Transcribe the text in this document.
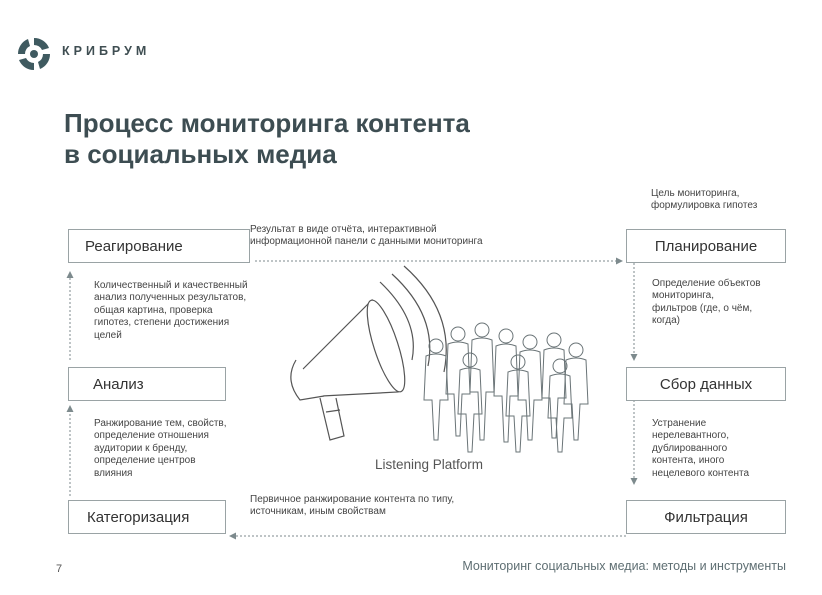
КРИБРУМ
Процесс мониторинга контента
в социальных медиа
Реагирование	Планирование
Анализ	Сбор данных
Категоризация	Фильтрация
Цель мониторинга,
формулировка гипотез
Результат в виде отчёта, интерактивной
информационной панели с данными мониторинга
Количественный и качественный
анализ полученных результатов,
общая картина, проверка
гипотез, степени достижения
целей
Определение объектов
мониторинга,
фильтров (где, о чём,
когда)
Ранжирование тем, свойств,
определение отношения
аудитории к бренду,
определение центров
влияния
Устранение
нерелевантного,
дублированного
контента, иного
нецелевого контента
Первичное ранжирование контента по типу,
источникам, иным свойствам
Listening Platform
7	Мониторинг социальных медиа: методы и инструменты
